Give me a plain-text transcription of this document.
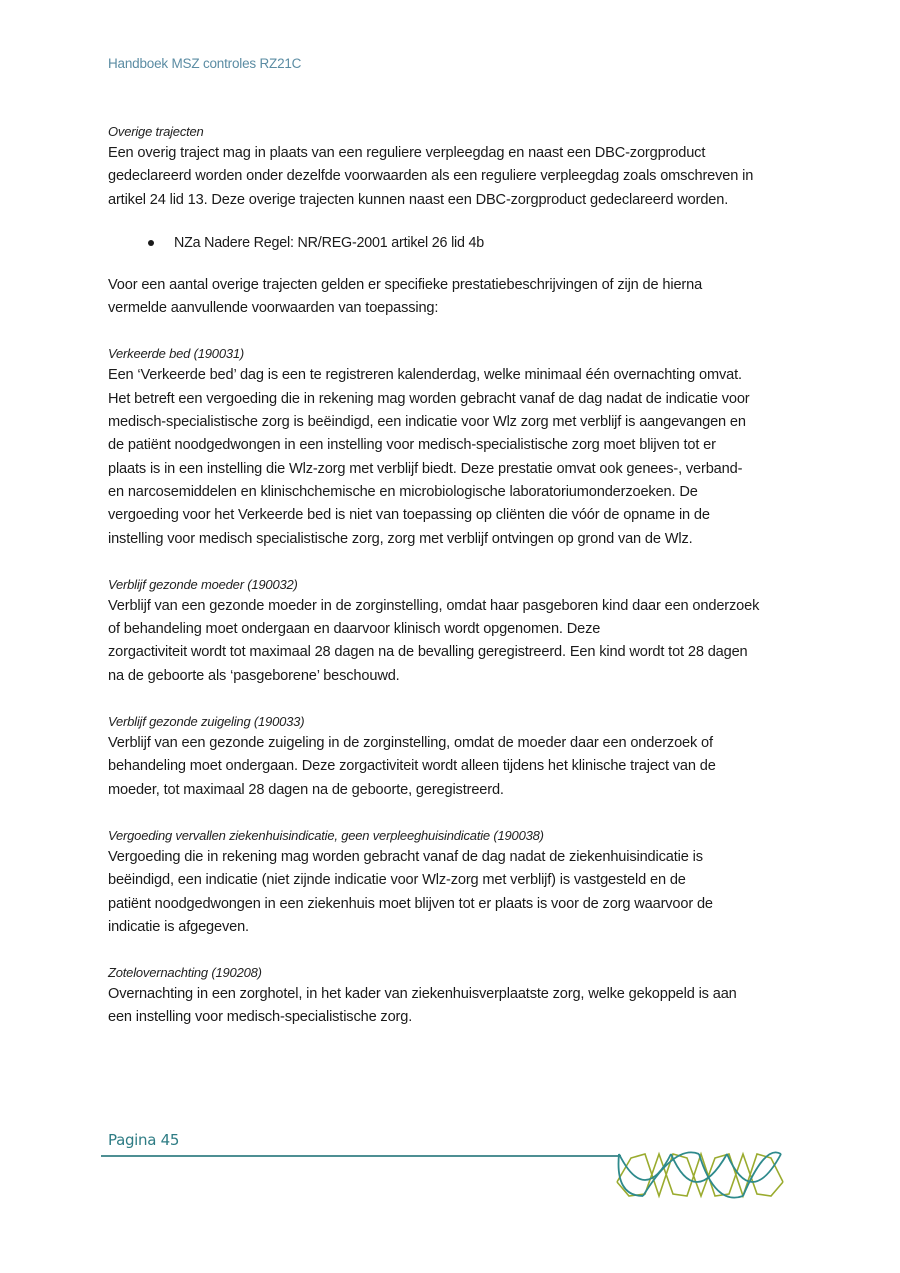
Handboek MSZ controles RZ21C

Overige trajecten

Een overig traject mag in plaats van een reguliere verpleegdag en naast een DBC-zorgproduct

gedeclareerd worden onder dezelfde voorwaarden als een reguliere verpleegdag zoals omschreven in

artikel 24 lid 13. Deze overige trajecten kunnen naast een DBC-zorgproduct gedeclareerd worden.

NZa Nadere Regel: NR/REG-2001 artikel 26 lid 4b

Voor een aantal overige trajecten gelden er specifieke prestatiebeschrijvingen of zijn de hierna

vermelde aanvullende voorwaarden van toepassing:

Verkeerde bed (190031)

Een ‘Verkeerde bed’ dag is een te registreren kalenderdag, welke minimaal één overnachting omvat.

Het betreft een vergoeding die in rekening mag worden gebracht vanaf de dag nadat de indicatie voor

medisch-specialistische zorg is beëindigd, een indicatie voor Wlz zorg met verblijf is aangevangen en

de patiënt noodgedwongen in een instelling voor medisch-specialistische zorg moet blijven tot er

plaats is in een instelling die Wlz-zorg met verblijf biedt. Deze prestatie omvat ook genees-, verband-

en narcosemiddelen en klinischchemische en microbiologische laboratoriumonderzoeken. De

vergoeding voor het Verkeerde bed is niet van toepassing op cliënten die vóór de opname in de

instelling voor medisch specialistische zorg, zorg met verblijf ontvingen op grond van de Wlz.

Verblijf gezonde moeder (190032)

Verblijf van een gezonde moeder in de zorginstelling, omdat haar pasgeboren kind daar een onderzoek

of behandeling moet ondergaan en daarvoor klinisch wordt opgenomen. Deze

zorgactiviteit wordt tot maximaal 28 dagen na de bevalling geregistreerd. Een kind wordt tot 28 dagen

na de geboorte als ‘pasgeborene’ beschouwd.

Verblijf gezonde zuigeling (190033)

Verblijf van een gezonde zuigeling in de zorginstelling, omdat de moeder daar een onderzoek of

behandeling moet ondergaan. Deze zorgactiviteit wordt alleen tijdens het klinische traject van de

moeder, tot maximaal 28 dagen na de geboorte, geregistreerd.

Vergoeding vervallen ziekenhuisindicatie, geen verpleeghuisindicatie (190038)

Vergoeding die in rekening mag worden gebracht vanaf de dag nadat de ziekenhuisindicatie is

beëindigd, een indicatie (niet zijnde indicatie voor Wlz-zorg met verblijf) is vastgesteld en de

patiënt noodgedwongen in een ziekenhuis moet blijven tot er plaats is voor de zorg waarvoor de

indicatie is afgegeven.

Zotelovernachting (190208)

Overnachting in een zorghotel, in het kader van ziekenhuisverplaatste zorg, welke gekoppeld is aan

een instelling voor medisch-specialistische zorg.

Pagina 45
